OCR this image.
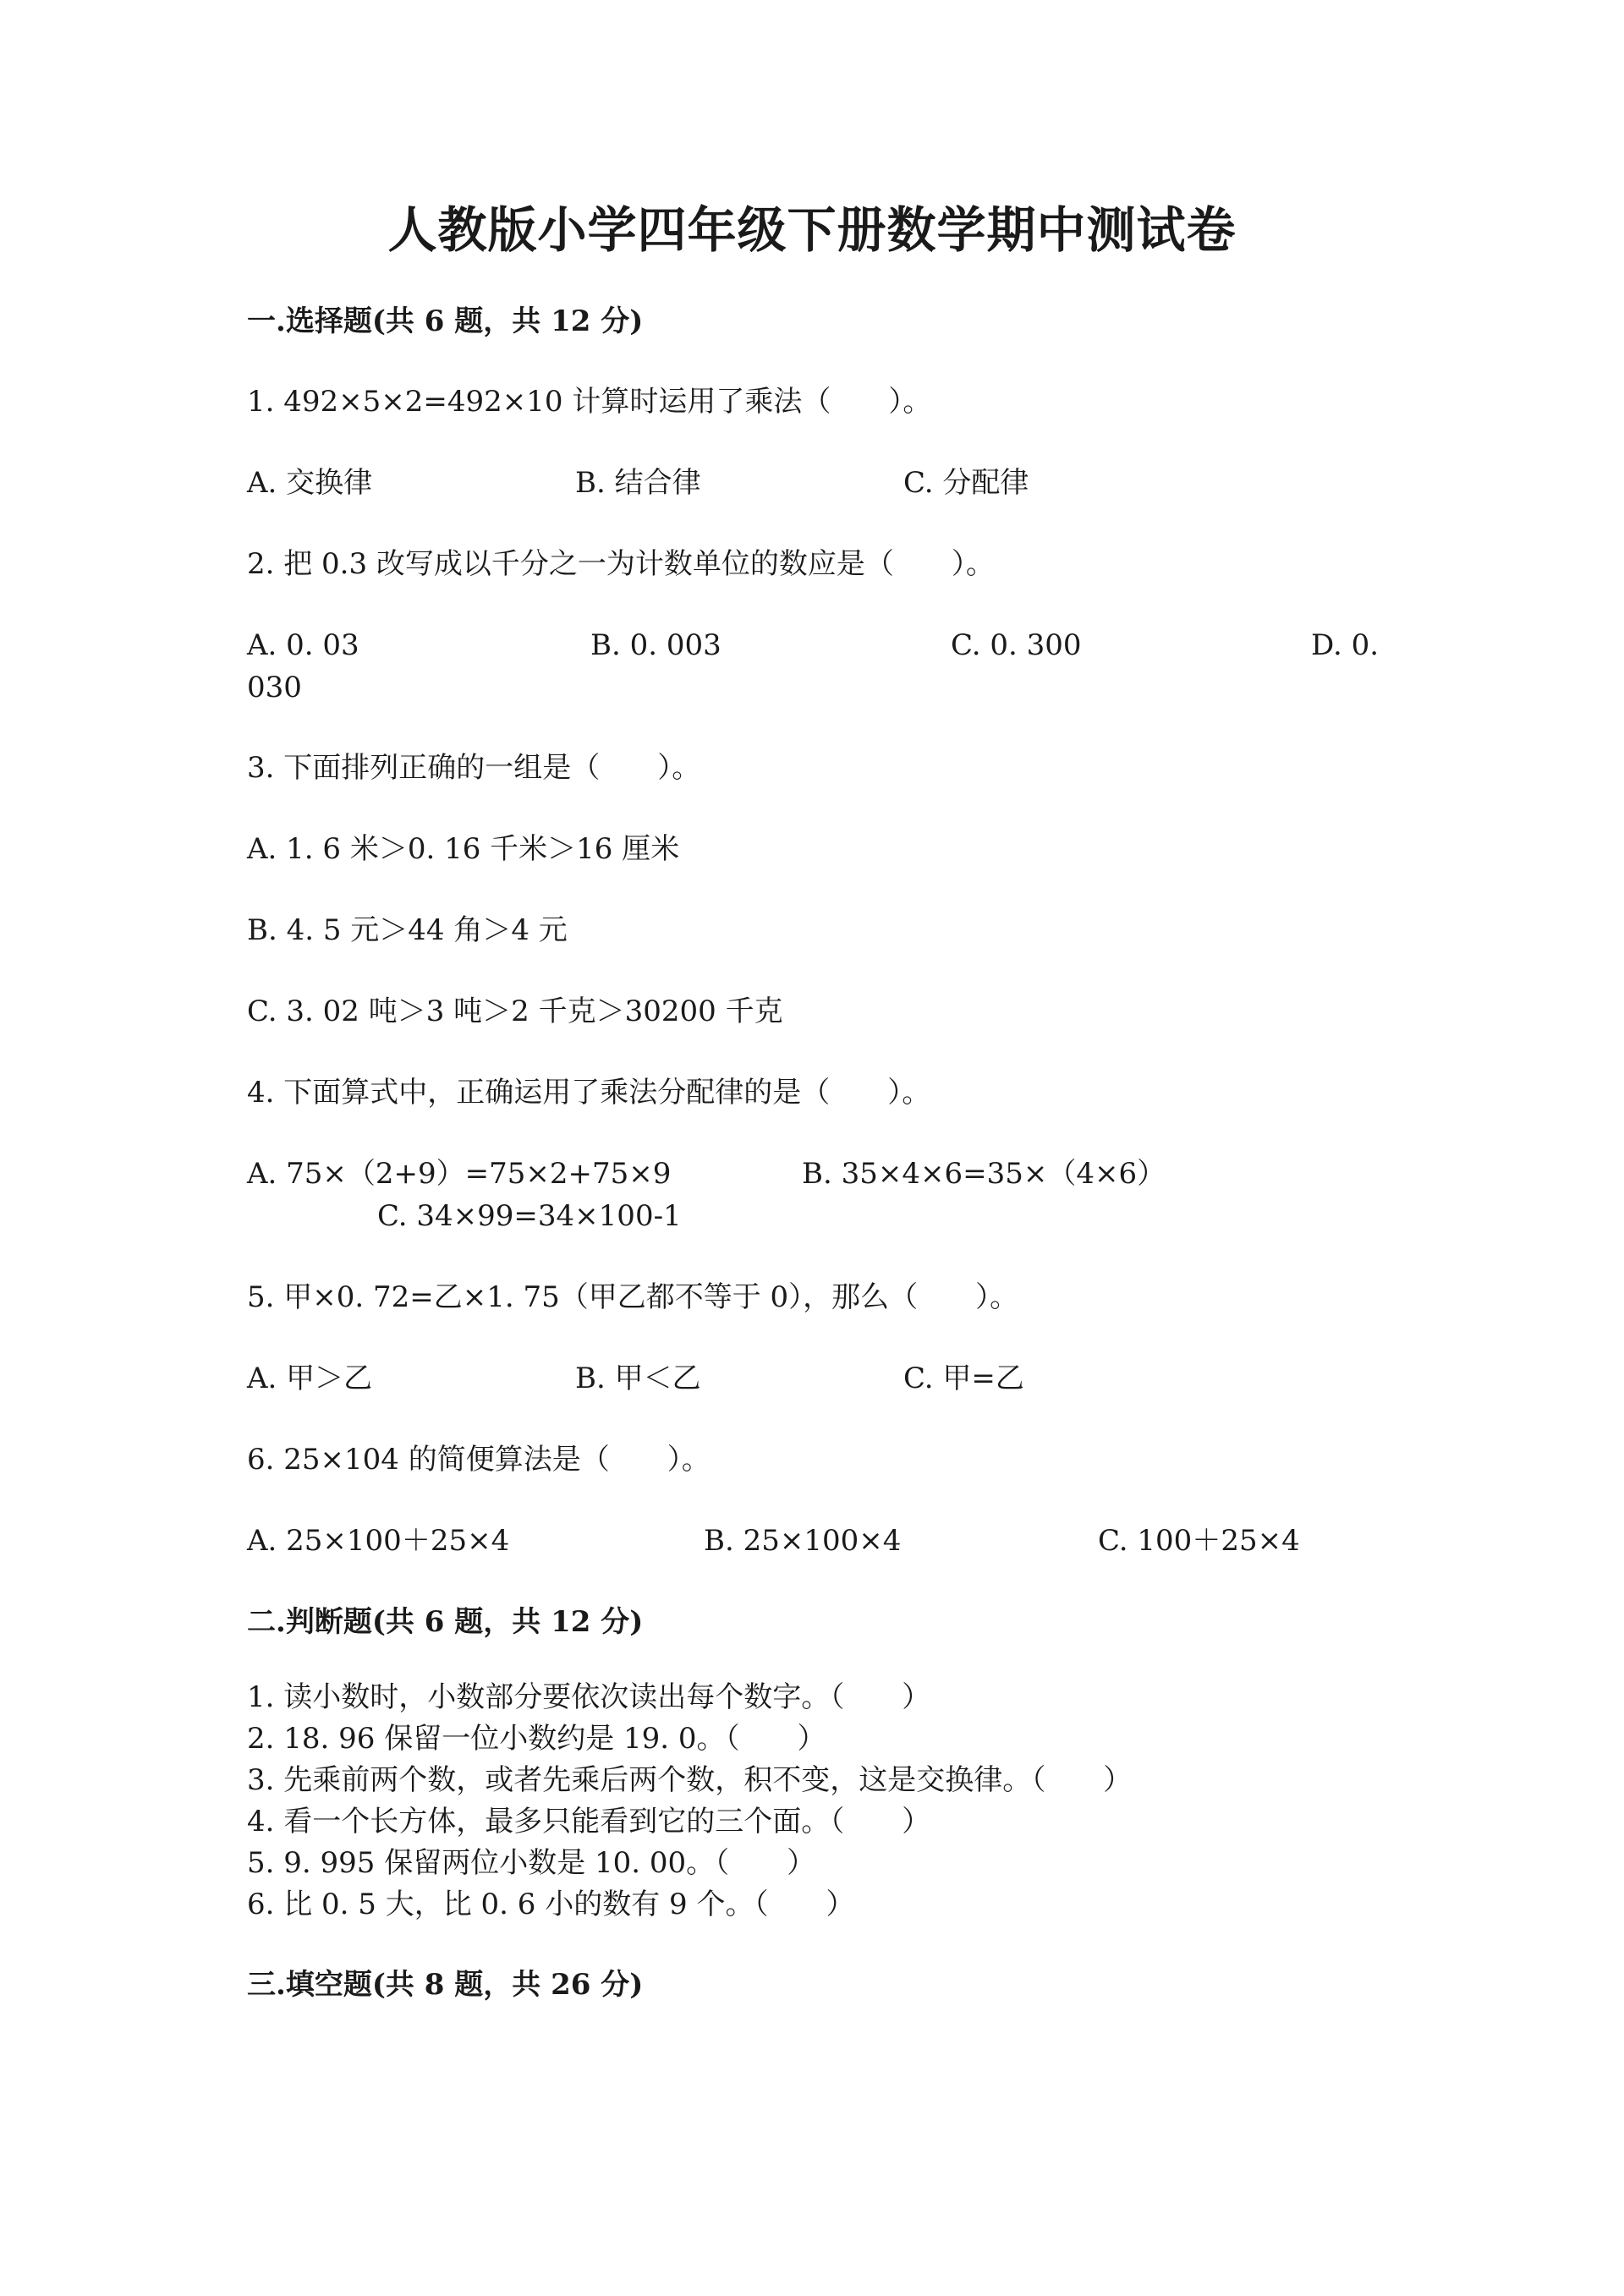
人教版小学四年级下册数学期中测试卷
一.选择题(共 6 题，共 12 分)
1. 492×5×2=492×10 计算时运用了乘法（　　）。
A. 交换律	B. 结合律	C. 分配律
2. 把 0.3 改写成以千分之一为计数单位的数应是（　　）。
A. 0. 03	B. 0. 003	C. 0. 300	D. 0.
030
3. 下面排列正确的一组是（　　）。
A. 1. 6 米＞0. 16 千米＞16 厘米
B. 4. 5 元＞44 角＞4 元
C. 3. 02 吨＞3 吨＞2 千克＞30200 千克
4. 下面算式中，正确运用了乘法分配律的是（　　）。
A. 75×（2+9）=75×2+75×9	B. 35×4×6=35×（4×6）
C. 34×99=34×100-1
5. 甲×0. 72=乙×1. 75（甲乙都不等于 0），那么（　　）。
A. 甲＞乙	B. 甲＜乙	C. 甲=乙
6. 25×104 的简便算法是（　　）。
A. 25×100＋25×4	B. 25×100×4	C. 100＋25×4
二.判断题(共 6 题，共 12 分)
1. 读小数时，小数部分要依次读出每个数字。（　　）
2. 18. 96 保留一位小数约是 19. 0。（　　）
3. 先乘前两个数，或者先乘后两个数，积不变，这是交换律。（　　）
4. 看一个长方体，最多只能看到它的三个面。（　　）
5. 9. 995 保留两位小数是 10. 00。（　　）
6. 比 0. 5 大，比 0. 6 小的数有 9 个。（　　）
三.填空题(共 8 题，共 26 分)
